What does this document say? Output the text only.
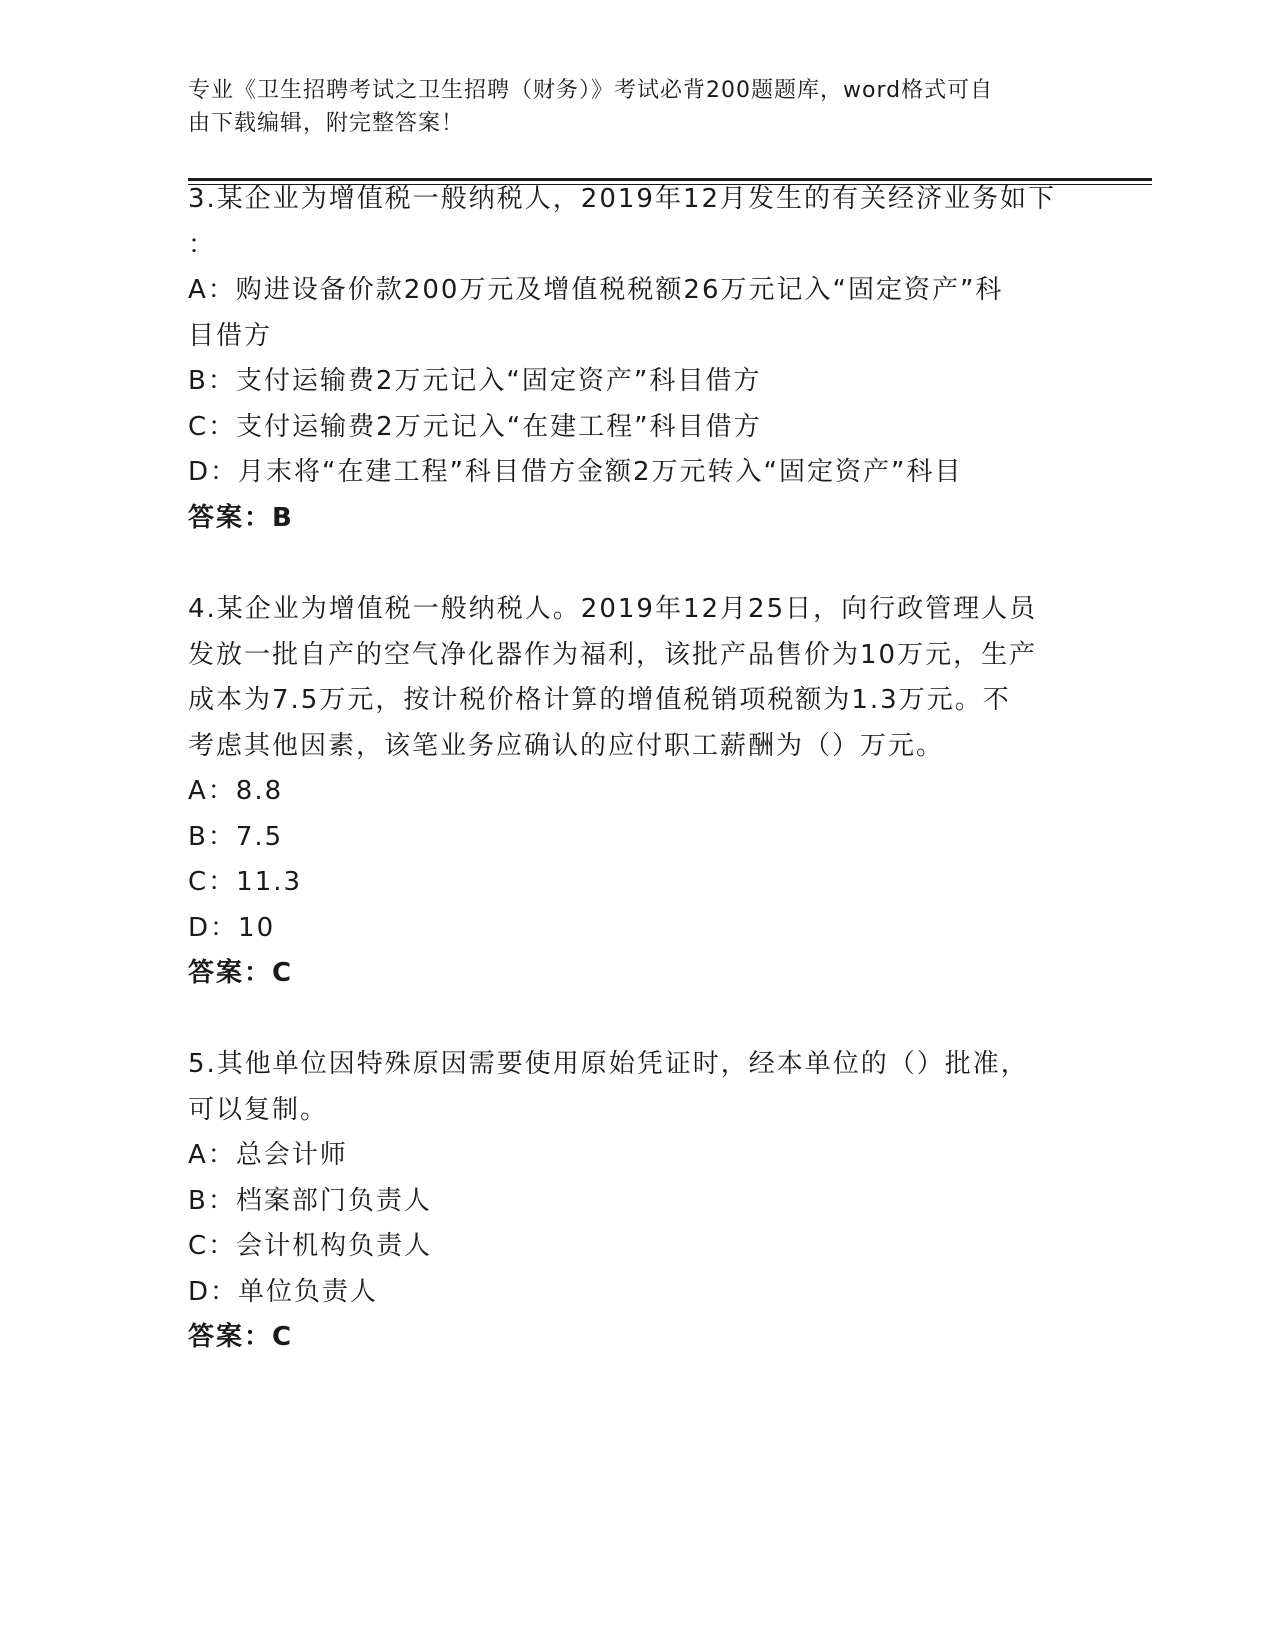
专业《卫生招聘考试之卫生招聘（财务）》考试必背200题题库，word格式可自
由下载编辑，附完整答案！
3.某企业为增值税一般纳税人，2019年12月发生的有关经济业务如下
：
A：购进设备价款200万元及增值税税额26万元记入“固定资产”科
目借方
B：支付运输费2万元记入“固定资产”科目借方
C：支付运输费2万元记入“在建工程”科目借方
D：月末将“在建工程”科目借方金额2万元转入“固定资产”科目
答案：B
4.某企业为增值税一般纳税人。2019年12月25日，向行政管理人员
发放一批自产的空气净化器作为福利，该批产品售价为10万元，生产
成本为7.5万元，按计税价格计算的增值税销项税额为1.3万元。不
考虑其他因素，该笔业务应确认的应付职工薪酬为（）万元。
A：8.8
B：7.5
C：11.3
D：10
答案：C
5.其他单位因特殊原因需要使用原始凭证时，经本单位的（）批准，
可以复制。
A：总会计师
B：档案部门负责人
C：会计机构负责人
D：单位负责人
答案：C
